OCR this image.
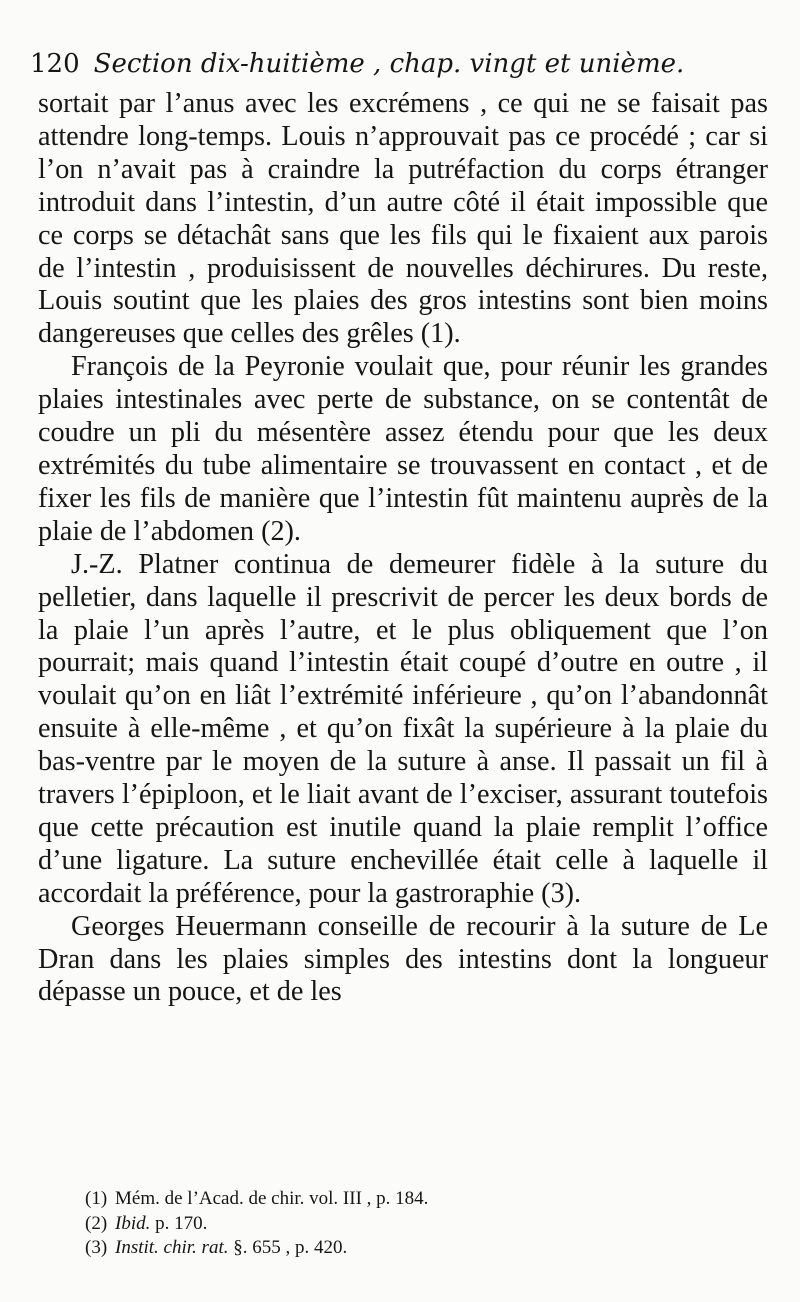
120 Section dix-huitième , chap. vingt et unième.

sortait par l’anus avec les excrémens , ce qui ne se faisait pas attendre long-temps. Louis n’approuvait pas ce procédé ; car si l’on n’avait pas à craindre la putréfaction du corps étranger introduit dans l’intestin, d’un autre côté il était impossible que ce corps se détachât sans que les fils qui le fixaient aux parois de l’intestin , produisissent de nouvelles déchirures. Du reste, Louis soutint que les plaies des gros intestins sont bien moins dangereuses que celles des grêles (1).

François de la Peyronie voulait que, pour réunir les grandes plaies intestinales avec perte de substance, on se contentât de coudre un pli du mésentère assez étendu pour que les deux extrémités du tube alimentaire se trouvassent en contact , et de fixer les fils de manière que l’intestin fût maintenu auprès de la plaie de l’abdomen (2).

J.-Z. Platner continua de demeurer fidèle à la suture du pelletier, dans laquelle il prescrivit de percer les deux bords de la plaie l’un après l’autre, et le plus obliquement que l’on pourrait; mais quand l’intestin était coupé d’outre en outre , il voulait qu’on en liât l’extrémité inférieure , qu’on l’abandonnât ensuite à elle-même , et qu’on fixât la supérieure à la plaie du bas-ventre par le moyen de la suture à anse. Il passait un fil à travers l’épiploon, et le liait avant de l’exciser, assurant toutefois que cette précaution est inutile quand la plaie remplit l’office d’une ligature. La suture enchevillée était celle à laquelle il accordait la préférence, pour la gastroraphie (3).

Georges Heuermann conseille de recourir à la suture de Le Dran dans les plaies simples des intestins dont la longueur dépasse un pouce, et de les

(1) Mém. de l’Acad. de chir. vol. III , p. 184.
(2) Ibid. p. 170.
(3) Instit. chir. rat. §. 655 , p. 420.
